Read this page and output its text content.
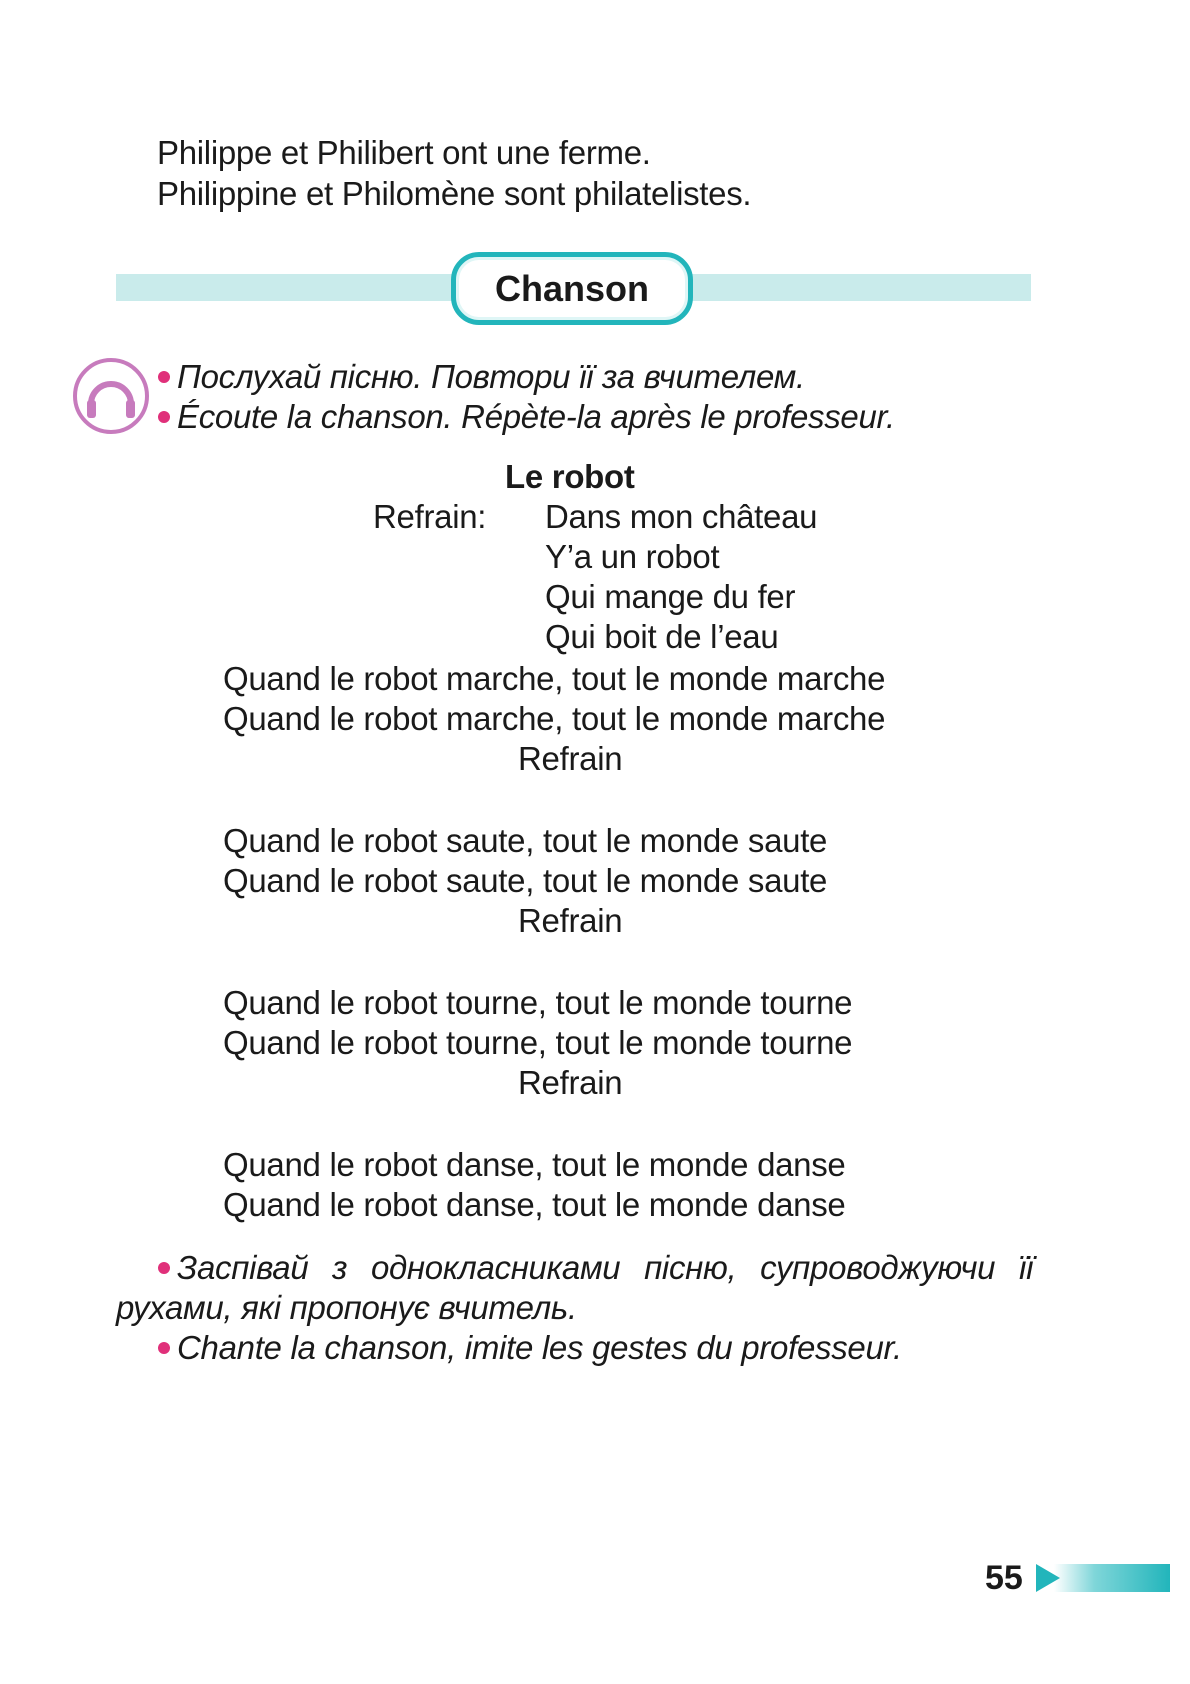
Philippe et Philibert ont une ferme.
Philippine et Philomène sont philatelistes.
Chanson
Послухай пісню. Повтори її за вчителем.
Écoute la chanson. Répète-la après le professeur.
Le robot
Refrain: Dans mon château
Y’a un robot
Qui mange du fer
Qui boit de l’eau
Quand le robot marche, tout le monde marche
Quand le robot marche, tout le monde marche
Refrain
Quand le robot saute, tout le monde saute
Quand le robot saute, tout le monde saute
Refrain
Quand le robot tourne, tout le monde tourne
Quand le robot tourne, tout le monde tourne
Refrain
Quand le robot danse, tout le monde danse
Quand le robot danse, tout le monde danse
Заспівай з однокласниками пісню, супроводжуючи її
рухами, які пропонує вчитель.
Chante la chanson, imite les gestes du professeur.
55
